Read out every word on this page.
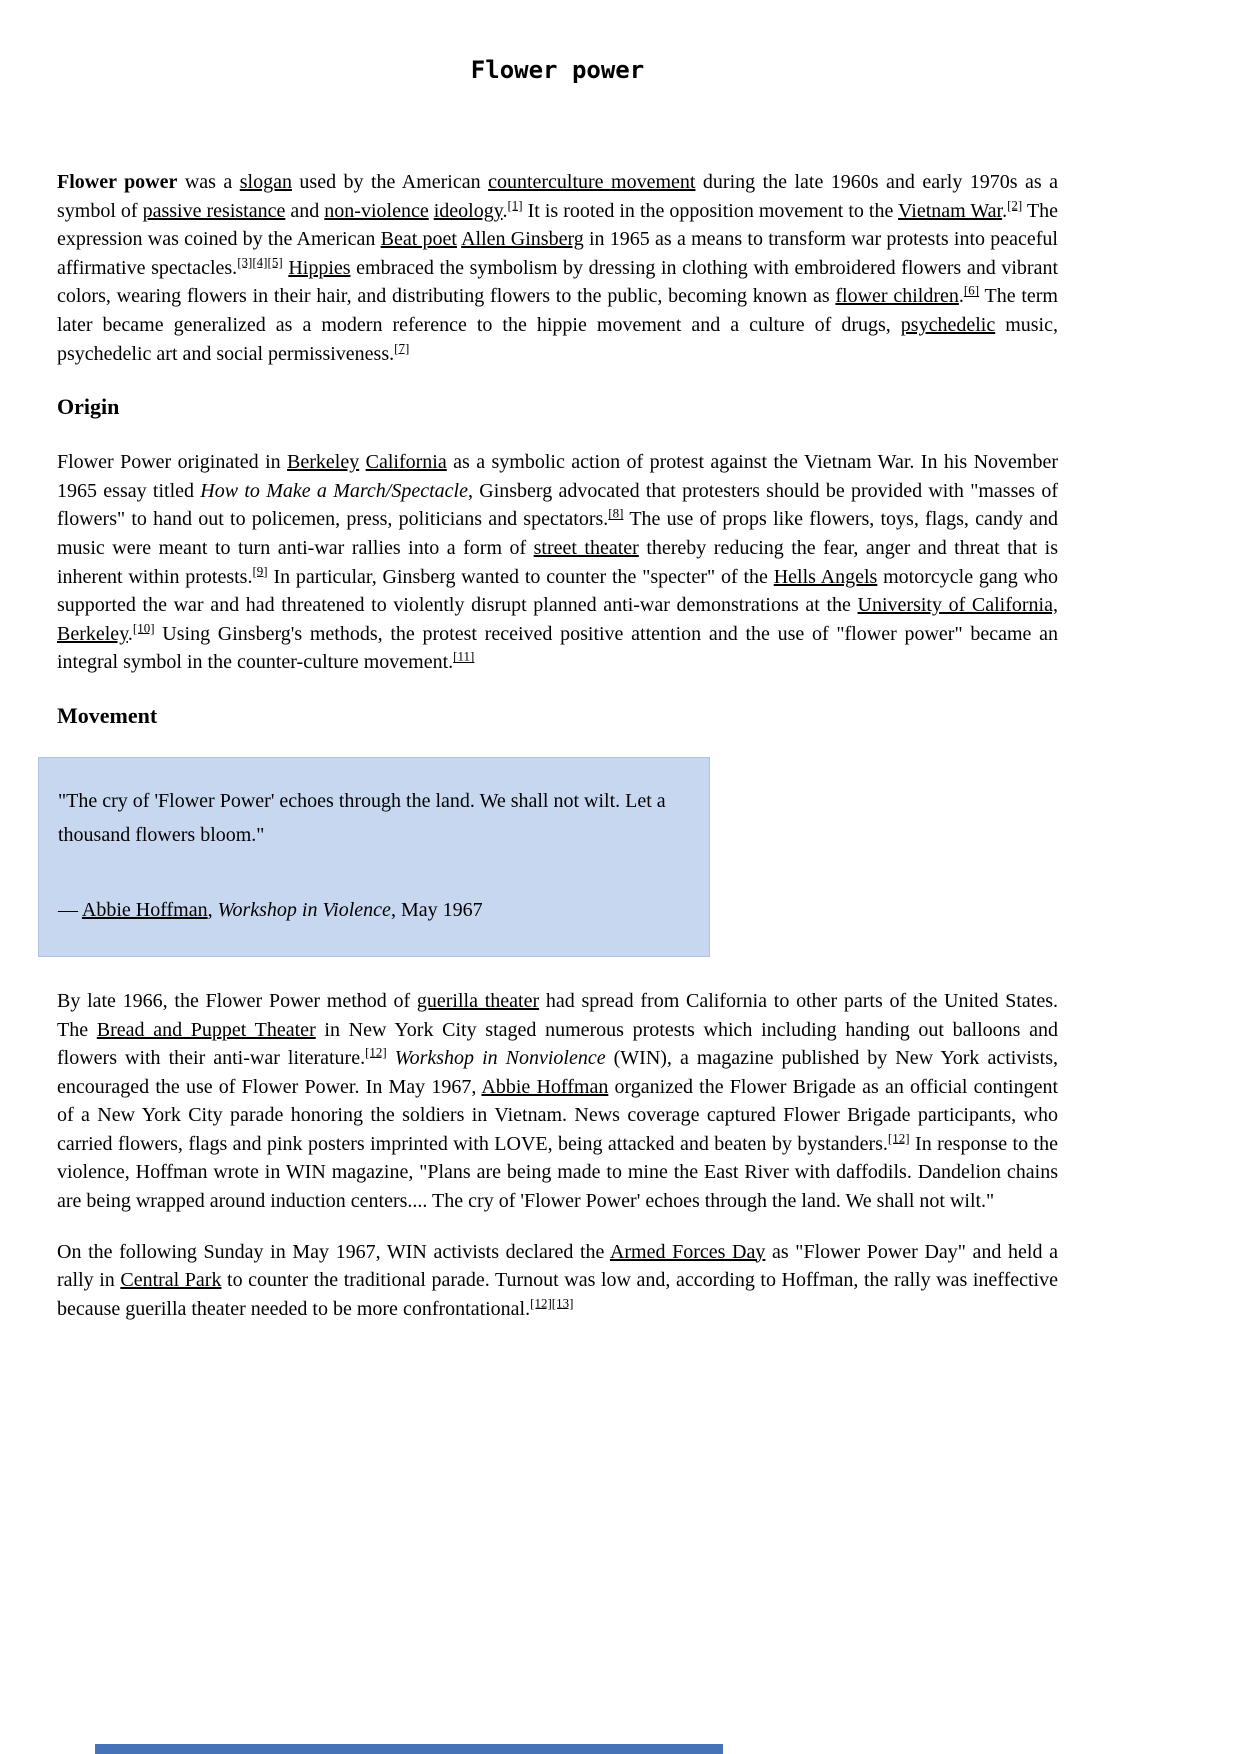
Flower power

Flower power was a slogan used by the American counterculture movement during the late 1960s and early 1970s as a symbol of passive resistance and non-violence ideology.[1] It is rooted in the opposition movement to the Vietnam War.[2] The expression was coined by the American Beat poet Allen Ginsberg in 1965 as a means to transform war protests into peaceful affirmative spectacles.[3][4][5] Hippies embraced the symbolism by dressing in clothing with embroidered flowers and vibrant colors, wearing flowers in their hair, and distributing flowers to the public, becoming known as flower children.[6] The term later became generalized as a modern reference to the hippie movement and a culture of drugs, psychedelic music, psychedelic art and social permissiveness.[7]

Origin

Flower Power originated in Berkeley California as a symbolic action of protest against the Vietnam War. In his November 1965 essay titled How to Make a March/Spectacle, Ginsberg advocated that protesters should be provided with "masses of flowers" to hand out to policemen, press, politicians and spectators.[8] The use of props like flowers, toys, flags, candy and music were meant to turn anti-war rallies into a form of street theater thereby reducing the fear, anger and threat that is inherent within protests.[9] In particular, Ginsberg wanted to counter the "specter" of the Hells Angels motorcycle gang who supported the war and had threatened to violently disrupt planned anti-war demonstrations at the University of California, Berkeley.[10] Using Ginsberg's methods, the protest received positive attention and the use of "flower power" became an integral symbol in the counter-culture movement.[11]

Movement

"The cry of 'Flower Power' echoes through the land. We shall not wilt. Let a thousand flowers bloom."

— Abbie Hoffman, Workshop in Violence, May 1967

By late 1966, the Flower Power method of guerilla theater had spread from California to other parts of the United States. The Bread and Puppet Theater in New York City staged numerous protests which including handing out balloons and flowers with their anti-war literature.[12] Workshop in Nonviolence (WIN), a magazine published by New York activists, encouraged the use of Flower Power. In May 1967, Abbie Hoffman organized the Flower Brigade as an official contingent of a New York City parade honoring the soldiers in Vietnam. News coverage captured Flower Brigade participants, who carried flowers, flags and pink posters imprinted with LOVE, being attacked and beaten by bystanders.[12] In response to the violence, Hoffman wrote in WIN magazine, "Plans are being made to mine the East River with daffodils. Dandelion chains are being wrapped around induction centers.... The cry of 'Flower Power' echoes through the land. We shall not wilt."

On the following Sunday in May 1967, WIN activists declared the Armed Forces Day as "Flower Power Day" and held a rally in Central Park to counter the traditional parade. Turnout was low and, according to Hoffman, the rally was ineffective because guerilla theater needed to be more confrontational.[12][13]
